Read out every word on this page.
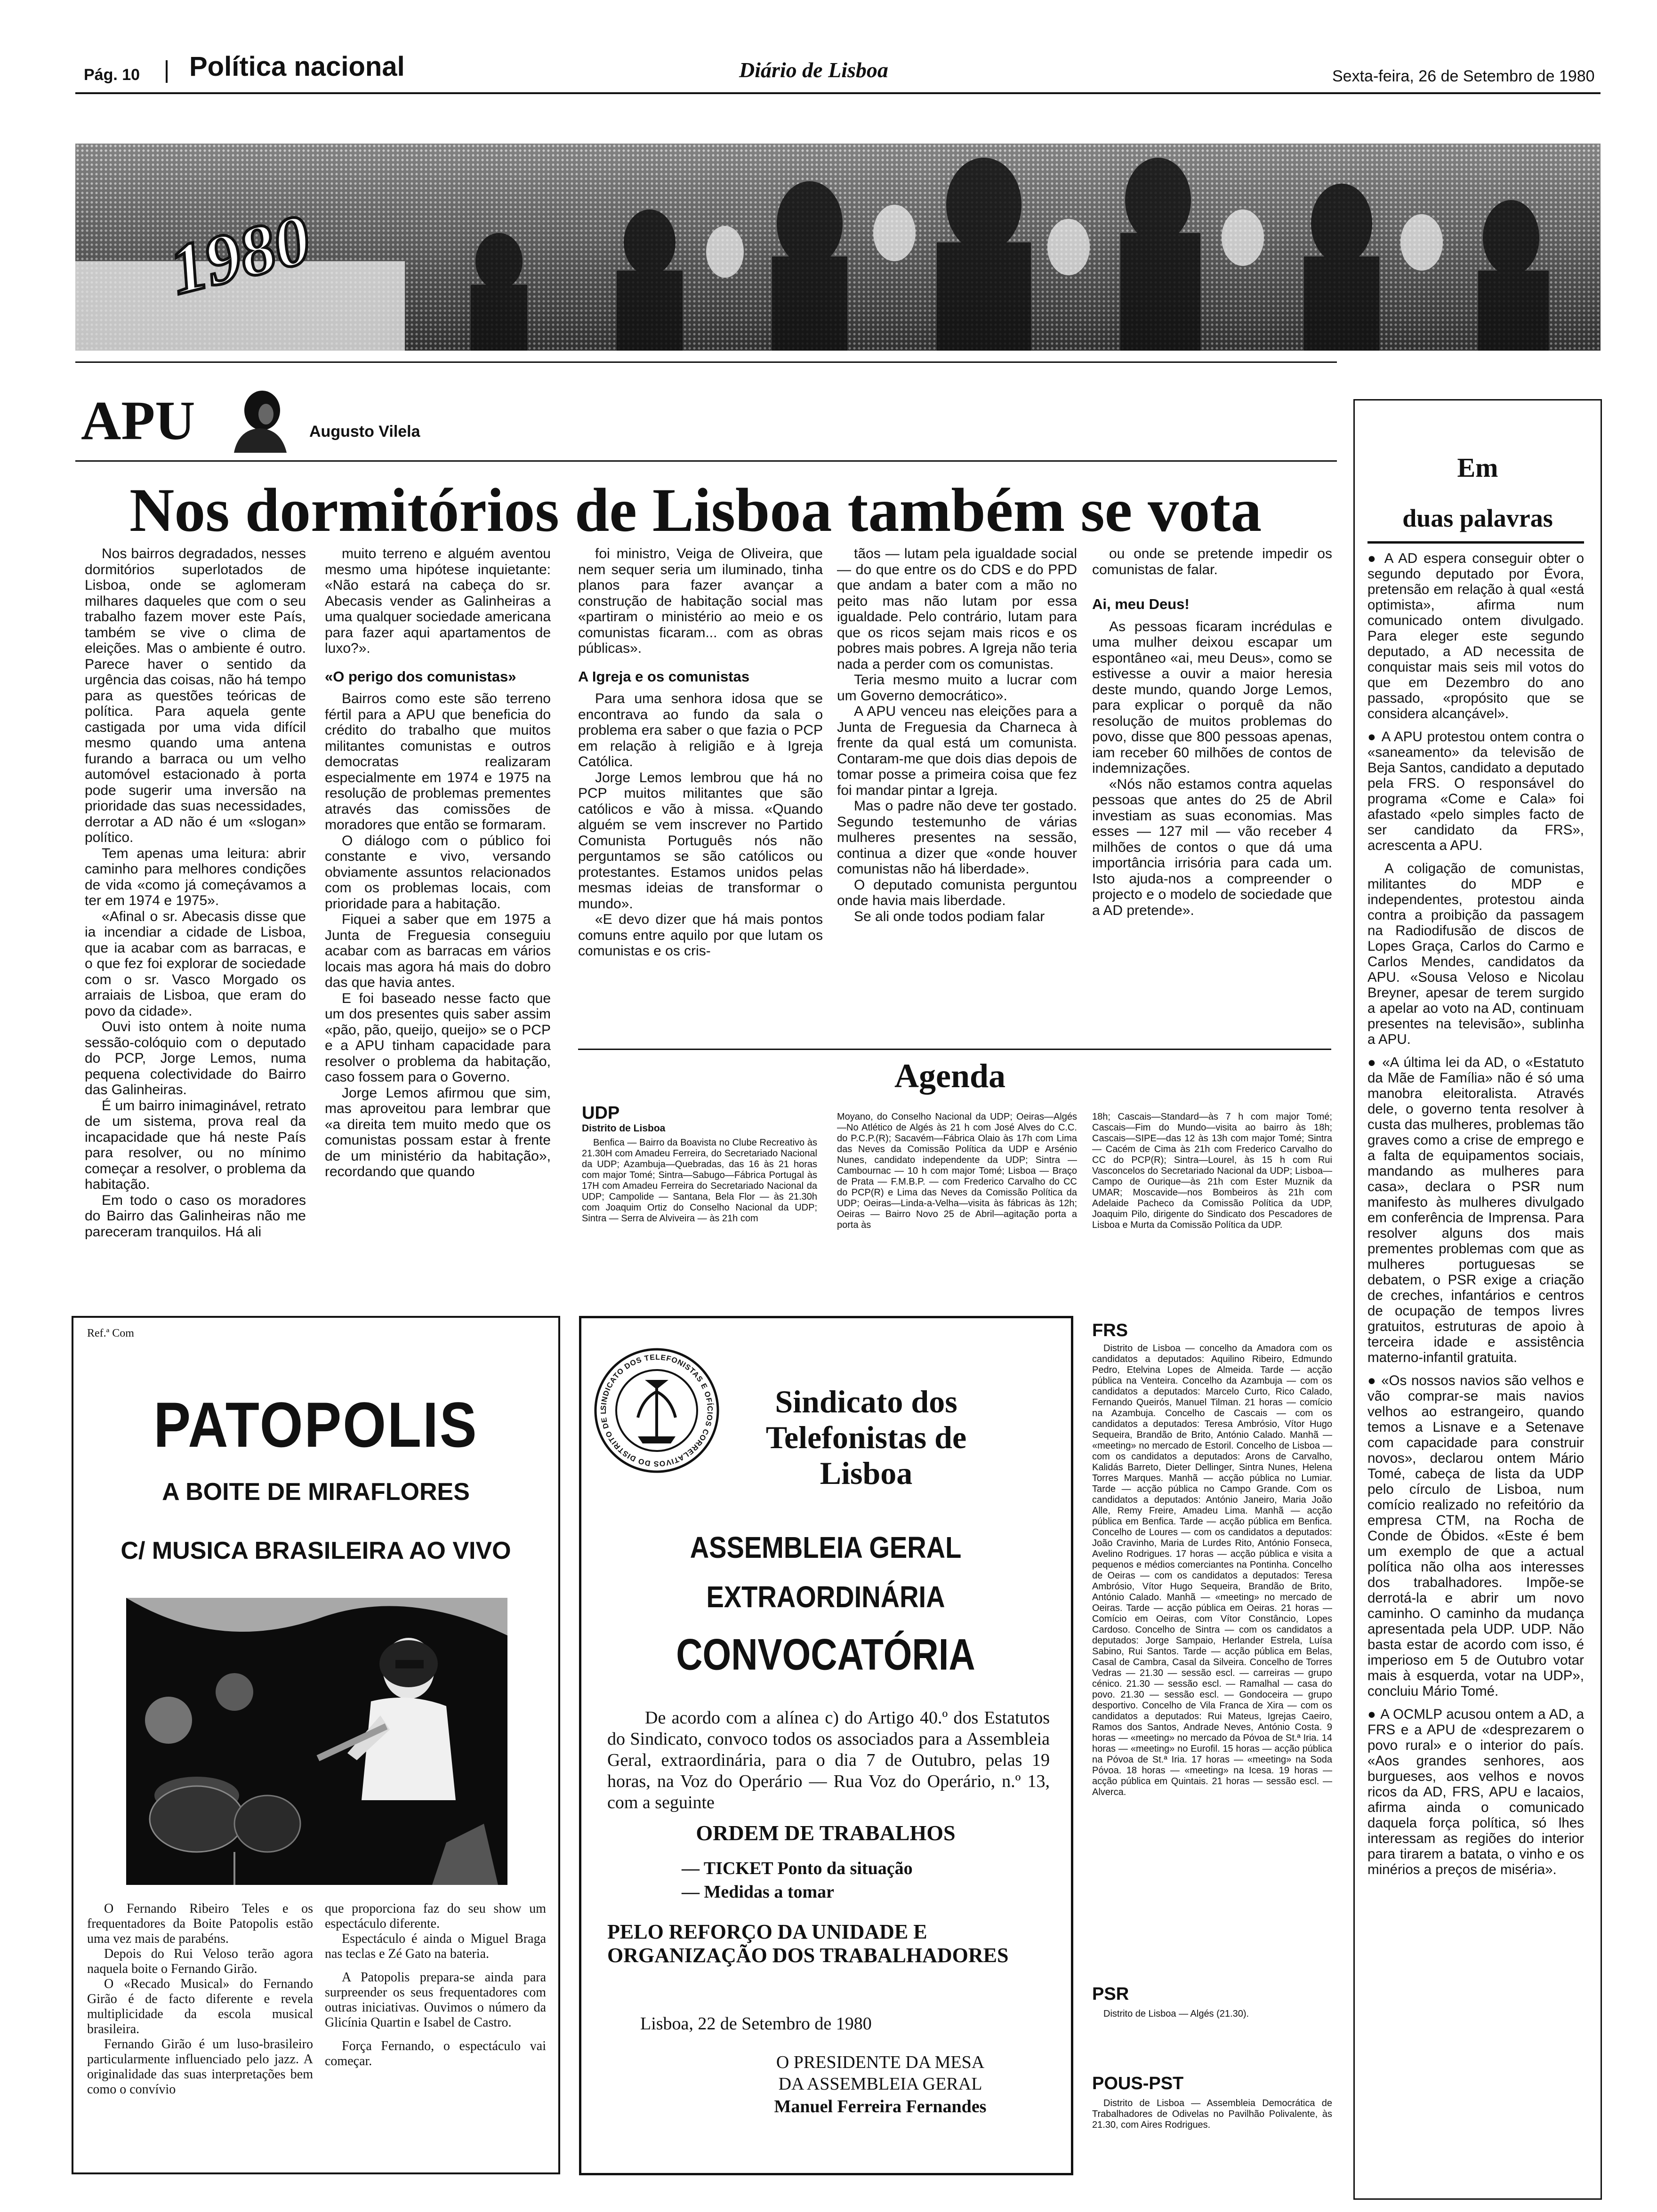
Pág. 10 Política nacional	Diário de Lisboa	Sexta-feira, 26 de Setembro de 1980
1980
APU	Augusto Vilela
Nos dormitórios de Lisboa também se vota

Nos bairros degradados, nesses dormitórios superlotados de Lisboa, onde se aglomeram milhares daqueles que com o seu trabalho fazem mover este País, também se vive o clima de eleições. Mas o ambiente é outro. Parece haver o sentido da urgência das coisas, não há tempo para as questões teóricas de política. Para aquela gente castigada por uma vida difícil mesmo quando uma antena furando a barraca ou um velho automóvel estacionado à porta pode sugerir uma inversão na prioridade das suas necessidades, derrotar a AD não é um «slogan» político.

Tem apenas uma leitura: abrir caminho para melhores condições de vida «como já começávamos a ter em 1974 e 1975».

«Afinal o sr. Abecasis disse que ia incendiar a cidade de Lisboa, que ia acabar com as barracas, e o que fez foi explorar de sociedade com o sr. Vasco Morgado os arraiais de Lisboa, que eram do povo da cidade».

Ouvi isto ontem à noite numa sessão-colóquio com o deputado do PCP, Jorge Lemos, numa pequena colectividade do Bairro das Galinheiras.

É um bairro inimaginável, retrato de um sistema, prova real da incapacidade que há neste País para resolver, ou no mínimo começar a resolver, o problema da habitação.

Em todo o caso os moradores do Bairro das Galinheiras não me pareceram tranquilos. Há ali

muito terreno e alguém aventou mesmo uma hipótese inquietante: «Não estará na cabeça do sr. Abecasis vender as Galinheiras a uma qualquer sociedade americana para fazer aqui apartamentos de luxo?».

«O perigo dos comunistas»

Bairros como este são terreno fértil para a APU que beneficia do crédito do trabalho que muitos militantes comunistas e outros democratas realizaram especialmente em 1974 e 1975 na resolução de problemas prementes através das comissões de moradores que então se formaram.

O diálogo com o público foi constante e vivo, versando obviamente assuntos relacionados com os problemas locais, com prioridade para a habitação.

Fiquei a saber que em 1975 a Junta de Freguesia conseguiu acabar com as barracas em vários locais mas agora há mais do dobro das que havia antes.

E foi baseado nesse facto que um dos presentes quis saber assim «pão, pão, queijo, queijo» se o PCP e a APU tinham capacidade para resolver o problema da habitação, caso fossem para o Governo.

Jorge Lemos afirmou que sim, mas aproveitou para lembrar que «a direita tem muito medo que os comunistas possam estar à frente de um ministério da habitação», recordando que quando

foi ministro, Veiga de Oliveira, que nem sequer seria um iluminado, tinha planos para fazer avançar a construção de habitação social mas «partiram o ministério ao meio e os comunistas ficaram... com as obras públicas».

A Igreja e os comunistas

Para uma senhora idosa que se encontrava ao fundo da sala o problema era saber o que fazia o PCP em relação à religião e à Igreja Católica.

Jorge Lemos lembrou que há no PCP muitos militantes que são católicos e vão à missa. «Quando alguém se vem inscrever no Partido Comunista Português nós não perguntamos se são católicos ou protestantes. Estamos unidos pelas mesmas ideias de transformar o mundo».

«E devo dizer que há mais pontos comuns entre aquilo por que lutam os comunistas e os cris-

tãos — lutam pela igualdade social — do que entre os do CDS e do PPD que andam a bater com a mão no peito mas não lutam por essa igualdade. Pelo contrário, lutam para que os ricos sejam mais ricos e os pobres mais pobres. A Igreja não teria nada a perder com os comunistas.

Teria mesmo muito a lucrar com um Governo democrático».

A APU venceu nas eleições para a Junta de Freguesia da Charneca à frente da qual está um comunista. Contaram-me que dois dias depois de tomar posse a primeira coisa que fez foi mandar pintar a Igreja.

Mas o padre não deve ter gostado. Segundo testemunho de várias mulheres presentes na sessão, continua a dizer que «onde houver comunistas não há liberdade».

O deputado comunista perguntou onde havia mais liberdade.

Se ali onde todos podiam falar

ou onde se pretende impedir os comunistas de falar.

Ai, meu Deus!

As pessoas ficaram incrédulas e uma mulher deixou escapar um espontâneo «ai, meu Deus», como se estivesse a ouvir a maior heresia deste mundo, quando Jorge Lemos, para explicar o porquê da não resolução de muitos problemas do povo, disse que 800 pessoas apenas, iam receber 60 milhões de contos de indemnizações.

«Nós não estamos contra aquelas pessoas que antes do 25 de Abril investiam as suas economias. Mas esses — 127 mil — vão receber 4 milhões de contos o que dá uma importância irrisória para cada um. Isto ajuda-nos a compreender o projecto e o modelo de sociedade que a AD pretende».

Agenda

UDP

Distrito de Lisboa

Benfica — Bairro da Boavista no Clube Recreativo às 21.30H com Amadeu Ferreira, do Secretariado Nacional da UDP; Azambuja—Quebradas, das 16 às 21 horas com major Tomé; Sintra—Sabugo—Fábrica Portugal às 17H com Amadeu Ferreira do Secretariado Nacional da UDP; Campolide — Santana, Bela Flor — às 21.30h com Joaquim Ortiz do Conselho Nacional da UDP; Sintra — Serra de Alviveira — às 21h com

Moyano, do Conselho Nacional da UDP; Oeiras—Algés—No Atlético de Algés às 21 h com José Alves do C.C. do P.C.P.(R); Sacavém—Fábrica Olaio às 17h com Lima das Neves da Comissão Política da UDP e Arsénio Nunes, candidato independente da UDP; Sintra — Cambournac — 10 h com major Tomé; Lisboa — Braço de Prata — F.M.B.P. — com Frederico Carvalho do CC do PCP(R) e Lima das Neves da Comissão Política da UDP; Oeiras—Linda-a-Velha—visita às fábricas às 12h; Oeiras — Bairro Novo 25 de Abril—agitação porta a porta às

18h; Cascais—Standard—às 7 h com major Tomé; Cascais—Fim do Mundo—visita ao bairro às 18h; Cascais—SIPE—das 12 às 13h com major Tomé; Sintra — Cacém de Cima às 21h com Frederico Carvalho do CC do PCP(R); Sintra—Lourel, às 15 h com Rui Vasconcelos do Secretariado Nacional da UDP; Lisboa—Campo de Ourique—às 21h com Ester Muznik da UMAR; Moscavide—nos Bombeiros às 21h com Adelaide Pacheco da Comissão Política da UDP, Joaquim Pilo, dirigente do Sindicato dos Pescadores de Lisboa e Murta da Comissão Política da UDP.

FRS

Distrito de Lisboa — concelho da Amadora com os candidatos a deputados: Aquilino Ribeiro, Edmundo Pedro, Etelvina Lopes de Almeida. Tarde — acção pública na Venteira. Concelho da Azambuja — com os candidatos a deputados: Marcelo Curto, Rico Calado, Fernando Queirós, Manuel Tilman. 21 horas — comício na Azambuja. Concelho de Cascais — com os candidatos a deputados: Teresa Ambrósio, Vítor Hugo Sequeira, Brandão de Brito, António Calado. Manhã — «meeting» no mercado de Estoril. Concelho de Lisboa — com os candidatos a deputados: Arons de Carvalho, Kalidás Barreto, Dieter Dellinger, Sintra Nunes, Helena Torres Marques. Manhã — acção pública no Lumiar. Tarde — acção pública no Campo Grande. Com os candidatos a deputados: António Janeiro, Maria João Alle, Remy Freire, Amadeu Lima. Manhã — acção pública em Benfica. Tarde — acção pública em Benfica. Concelho de Loures — com os candidatos a deputados: João Cravinho, Maria de Lurdes Rito, António Fonseca, Avelino Rodrigues. 17 horas — acção pública e visita a pequenos e médios comerciantes na Pontinha. Concelho de Oeiras — com os candidatos a deputados: Teresa Ambrósio, Vítor Hugo Sequeira, Brandão de Brito, António Calado. Manhã — «meeting» no mercado de Oeiras. Tarde — acção pública em Oeiras. 21 horas — Comício em Oeiras, com Vítor Constâncio, Lopes Cardoso. Concelho de Sintra — com os candidatos a deputados: Jorge Sampaio, Herlander Estrela, Luísa Sabino, Rui Santos. Tarde — acção pública em Belas, Casal de Cambra, Casal da Silveira. Concelho de Torres Vedras — 21.30 — sessão escl. — carreiras — grupo cénico. 21.30 — sessão escl. — Ramalhal — casa do povo. 21.30 — sessão escl. — Gondoceira — grupo desportivo. Concelho de Vila Franca de Xira — com os candidatos a deputados: Rui Mateus, Igrejas Caeiro, Ramos dos Santos, Andrade Neves, António Costa. 9 horas — «meeting» no mercado da Póvoa de St.ª Iria. 14 horas — «meeting» no Eurofil. 15 horas — acção pública na Póvoa de St.ª Iria. 17 horas — «meeting» na Soda Póvoa. 18 horas — «meeting» na Icesa. 19 horas — acção pública em Quintais. 21 horas — sessão escl. — Alverca.

PSR

Distrito de Lisboa — Algés (21.30).

POUS-PST

Distrito de Lisboa — Assembleia Democrática de Trabalhadores de Odivelas no Pavilhão Polivalente, às 21.30, com Aires Rodrigues.

Em
duas palavras

● A AD espera conseguir obter o segundo deputado por Évora, pretensão em relação à qual «está optimista», afirma num comunicado ontem divulgado. Para eleger este segundo deputado, a AD necessita de conquistar mais seis mil votos do que em Dezembro do ano passado, «propósito que se considera alcançável».

● A APU protestou ontem contra o «saneamento» da televisão de Beja Santos, candidato a deputado pela FRS. O responsável do programa «Come e Cala» foi afastado «pelo simples facto de ser candidato da FRS», acrescenta a APU.

A coligação de comunistas, militantes do MDP e independentes, protestou ainda contra a proibição da passagem na Radiodifusão de discos de Lopes Graça, Carlos do Carmo e Carlos Mendes, candidatos da APU. «Sousa Veloso e Nicolau Breyner, apesar de terem surgido a apelar ao voto na AD, continuam presentes na televisão», sublinha a APU.

● «A última lei da AD, o «Estatuto da Mãe de Família» não é só uma manobra eleitoralista. Através dele, o governo tenta resolver à custa das mulheres, problemas tão graves como a crise de emprego e a falta de equipamentos sociais, mandando as mulheres para casa», declara o PSR num manifesto às mulheres divulgado em conferência de Imprensa. Para resolver alguns dos mais prementes problemas com que as mulheres portuguesas se debatem, o PSR exige a criação de creches, infantários e centros de ocupação de tempos livres gratuitos, estruturas de apoio à terceira idade e assistência materno-infantil gratuita.

● «Os nossos navios são velhos e vão comprar-se mais navios velhos ao estrangeiro, quando temos a Lisnave e a Setenave com capacidade para construir novos», declarou ontem Mário Tomé, cabeça de lista da UDP pelo círculo de Lisboa, num comício realizado no refeitório da empresa CTM, na Rocha de Conde de Óbidos. «Este é bem um exemplo de que a actual política não olha aos interesses dos trabalhadores. Impõe-se derrotá-la e abrir um novo caminho. O caminho da mudança apresentada pela UDP. UDP. Não basta estar de acordo com isso, é imperioso em 5 de Outubro votar mais à esquerda, votar na UDP», concluiu Mário Tomé.

● A OCMLP acusou ontem a AD, a FRS e a APU de «desprezarem o povo rural» e o interior do país. «Aos grandes senhores, aos burgueses, aos velhos e novos ricos da AD, FRS, APU e lacaios, afirma ainda o comunicado daquela força política, só lhes interessam as regiões do interior para tirarem a batata, o vinho e os minérios a preços de miséria».

Ref.ª Com
PATOPOLIS
A BOITE DE MIRAFLORES
C/ MUSICA BRASILEIRA AO VIVO

O Fernando Ribeiro Teles e os frequentadores da Boite Patopolis estão uma vez mais de parabéns.

Depois do Rui Veloso terão agora naquela boite o Fernando Girão.

O «Recado Musical» do Fernando Girão é de facto diferente e revela multiplicidade da escola musical brasileira.

Fernando Girão é um luso-brasileiro particularmente influenciado pelo jazz. A originalidade das suas interpretações bem como o convívio

que proporciona faz do seu show um espectáculo diferente.

Espectáculo é ainda o Miguel Braga nas teclas e Zé Gato na bateria.

A Patopolis prepara-se ainda para surpreender os seus frequentadores com outras iniciativas. Ouvimos o número da Glicínia Quartin e Isabel de Castro.

Força Fernando, o espectáculo vai começar.

SINDICATO DOS TELEFONISTAS E OFÍCIOS CORRELATIVOS DO DISTRITO DE L	Sindicato dos Telefonistas de Lisboa
ASSEMBLEIA GERAL
EXTRAORDINÁRIA
CONVOCATÓRIA
De acordo com a alínea c) do Artigo 40.º dos Estatutos do Sindicato, convoco todos os associados para a Assembleia Geral, extraordinária, para o dia 7 de Outubro, pelas 19 horas, na Voz do Operário — Rua Voz do Operário, n.º 13, com a seguinte
ORDEM DE TRABALHOS
— TICKET Ponto da situação
— Medidas a tomar
PELO REFORÇO DA UNIDADE E ORGANIZAÇÃO DOS TRABALHADORES
Lisboa, 22 de Setembro de 1980
O PRESIDENTE DA MESA
DA ASSEMBLEIA GERAL
Manuel Ferreira Fernandes
